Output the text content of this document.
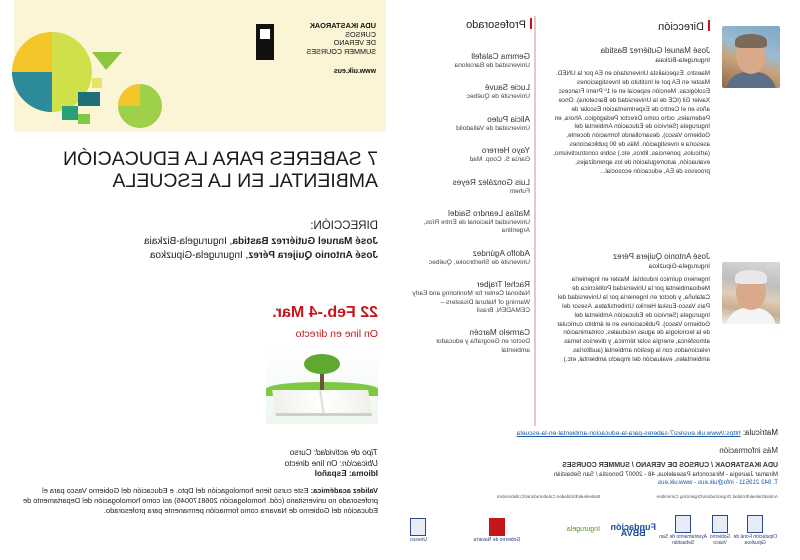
Dirección
José Manuel Gutiérrez Bastida
Ingurugela-Bizkaia
Maestro. Especialista Universitario en EA por la UNED. Master en EA por el Instituto de Investigaciones Ecológicas. Mención especial en el 1º Premi Francesc Xavier Gil (ICE de la Universidad de Barcelona). Once años en el Centro de Experimentación Escolar de Pedernales, ocho como Director Pedagógico. Ahora, en Ingurugela (Servicio de Educación Ambiental del Gobierno Vasco), desarrollando formación docente, asesoría e investigación. Más de 90 publicaciones (artículos, ponencias, libros, etc.) sobre constructivismo, evaluación, autorregulación de los aprendizajes, procesos de EA, educación ecosocial...
José Antonio Quijera Pérez
Ingurugela-Gipuzkoa
Ingeniero químico industrial. Master en Ingeniería Medioambiental por la Universidad Politécnica de Cataluña, y doctor en Ingeniería por la Universidad del País Vasco-Euskal Herriko Unibertsitatea. Asesor del Ingurugela (Servicio de Educación Ambiental del Gobierno Vasco). Publicaciones en el ámbito curricular de la tecnología de aguas residuales, contaminación atmosférica, energía solar térmica, y diversos temas relacionados con la gestión ambiental (auditorías ambientales, evaluación del impacto ambiental, etc.)
Profesorado
Gemma Calafell
Universidad de Barcelona
Lucie Sauvé
Université de Québec
Alicia Puleo
Universidad de Valladolid
Yayo Herrero
Garúa S. Coop. Mad
Luis González Reyes
Fuhem
Matías Leandro Saidel
Universidad Nacional de Entre Ríos, Argentina
Adolfo Agúndez
Université de Sherbrooke, Québec
Rachel Trajber
National Center for Monitoring and Early Warning of Natural Disasters – CEMADEN, Brasil
Carmelo Marcén
Doctor en Geografía y educador ambiental
Matrícula: https://www.uik.eus/es/7-saberes-para-la-educacion-ambiental-en-la-escuela
Más información
UDA IKASTAROAK / CURSOS DE VERANO / SUMMER COURSES
Miramar Jauregia - Miraconcha Pasealekua, 48 - 20007 Donostia / San Sebastián
T. 943 219511 - info@uik.eus - www.uik.eus
Antolatzaileak/Entidad Organizadora/Organizing Committee
Babesleak/Entidades Colaboradoras/Collaborators
Diputación Foral de Gipuzkoa
Gobierno Vasco
Ayuntamiento de San Sebastián
Fundación BBVA
Ingurugela
Gobierno de Navarra
Unesco
UDA IKASTAROAK
CURSOS
DE VERANO
SUMMER COURSES
www.uik.eus
7 SABERES PARA LA EDUCACIÓN AMBIENTAL EN LA ESCUELA
DIRECCIÓN:
José Manuel Gutiérrez Bastida, Ingurugela-Bizkaia
José Antonio Quijera Pérez, Ingurugela-Gipuzkoa
22 Feb.-4 Mar.
On line en directo
Tipo de actividad: Curso
Ubicación: On line directo
Idioma: Español
Validez académica: Este curso tiene homologación del Dpto. e Educación del Gobierno Vasco para el profesorado no universitario (cód. homologación 2068170046) así como homologación del Departamento de Educación del Gobierno de Navarra como formación permanente para profesorado.
